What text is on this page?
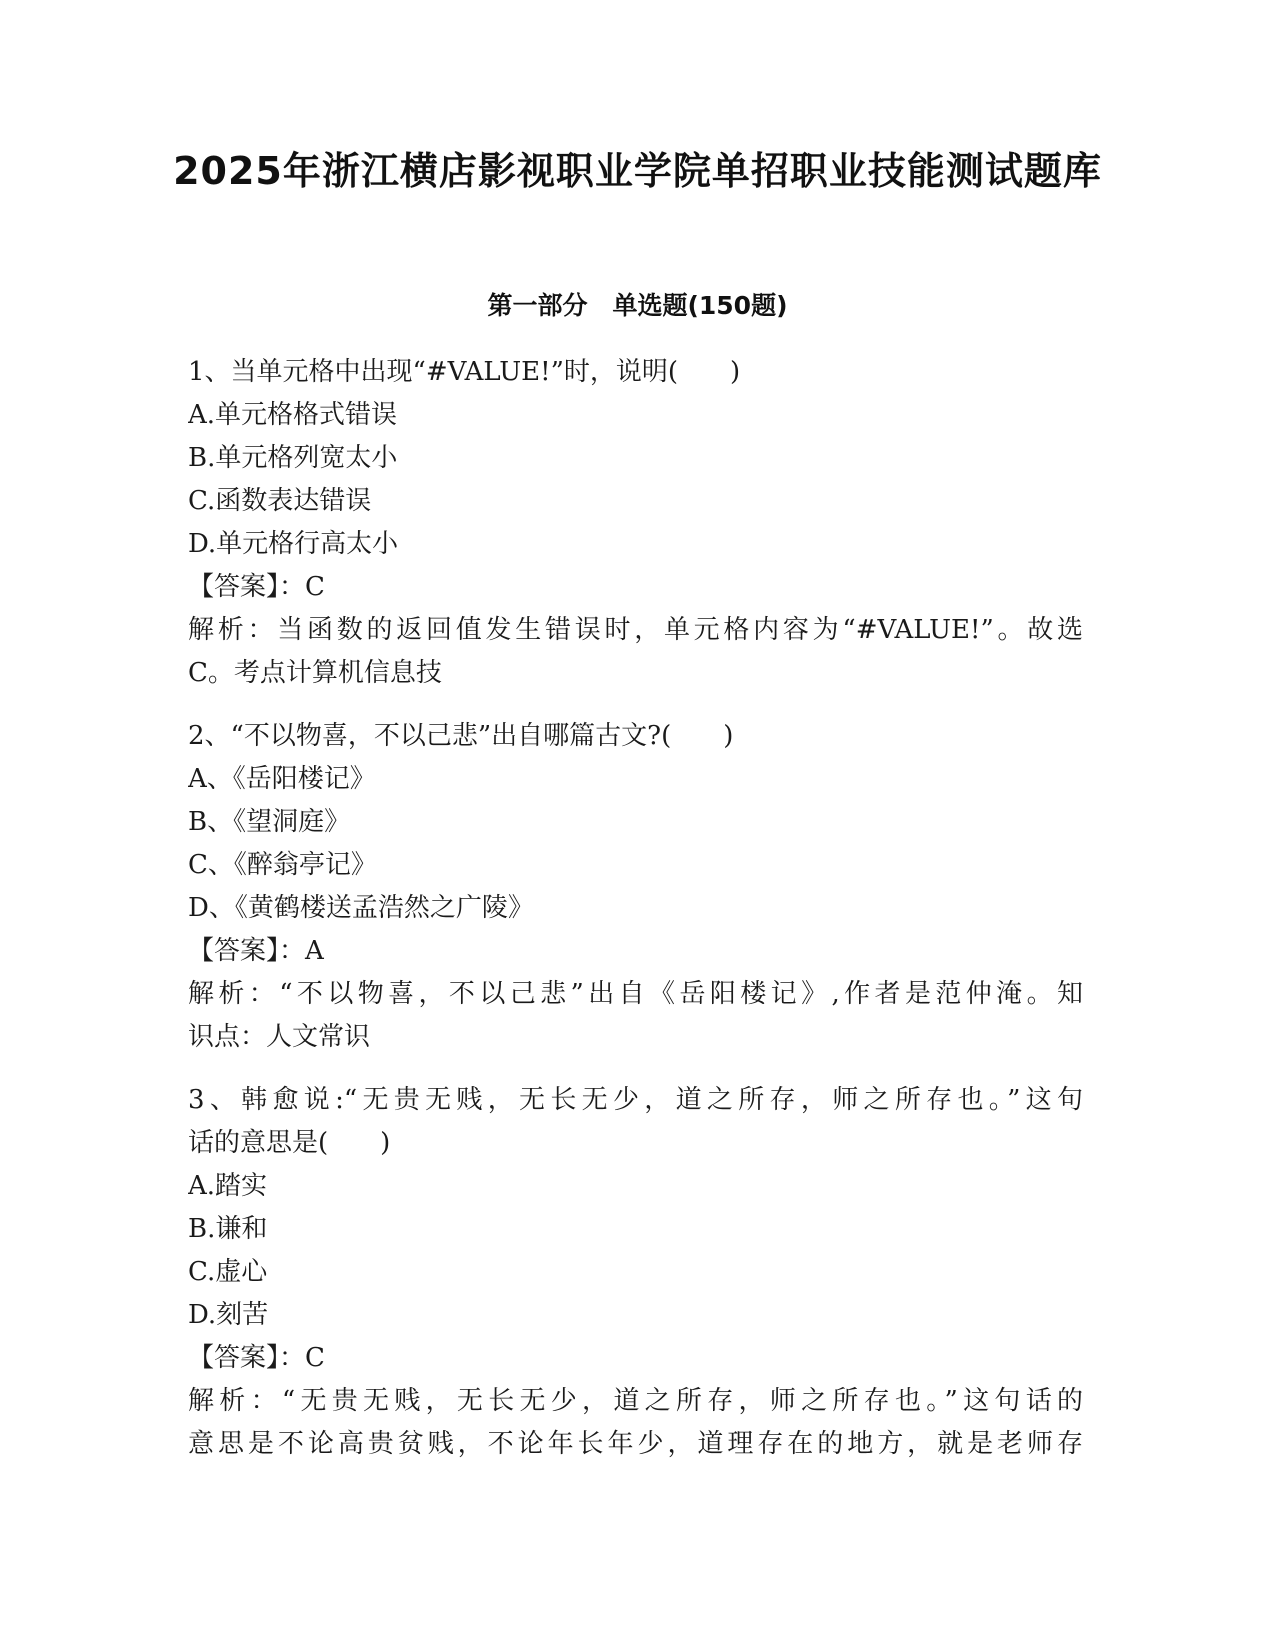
2025年浙江横店影视职业学院单招职业技能测试题库
第一部分　单选题(150题)
1、当单元格中出现“#VALUE!”时，说明(　　)
A.单元格格式错误
B.单元格列宽太小
C.函数表达错误
D.单元格行高太小
【答案】：C
解析：当函数的返回值发生错误时，单元格内容为“#VALUE!”。故选
C。考点计算机信息技
2、“不以物喜，不以己悲”出自哪篇古文?(　　)
A、《岳阳楼记》
B、《望洞庭》
C、《醉翁亭记》
D、《黄鹤楼送孟浩然之广陵》
【答案】：A
解析：“不以物喜，不以己悲”出自《岳阳楼记》,作者是范仲淹。知
识点：人文常识
3、韩愈说:“无贵无贱，无长无少，道之所存，师之所存也。”这句
话的意思是(　　)
A.踏实
B.谦和
C.虚心
D.刻苦
【答案】：C
解析：“无贵无贱，无长无少，道之所存，师之所存也。”这句话的
意思是不论高贵贫贱，不论年长年少，道理存在的地方，就是老师存
